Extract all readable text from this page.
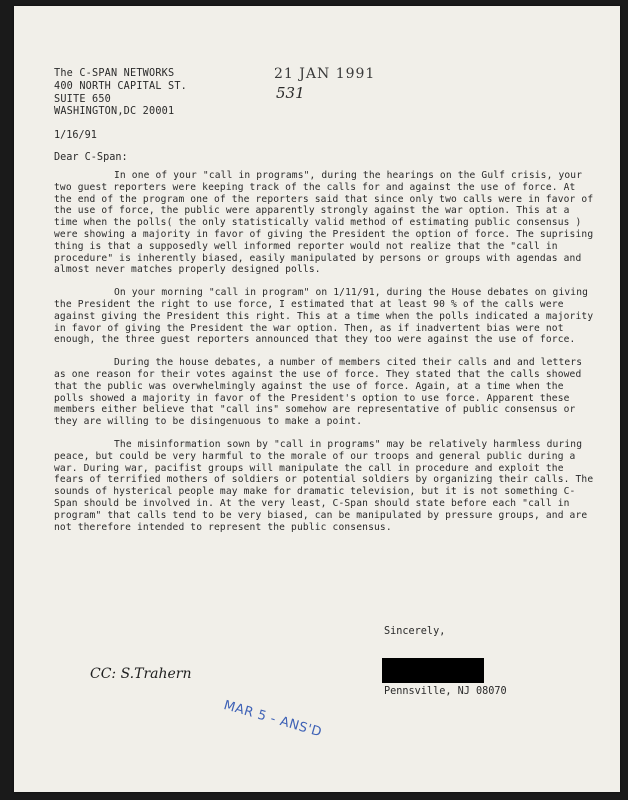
The C-SPAN NETWORKS
400 NORTH CAPITAL ST.
SUITE 650
WASHINGTON,DC 20001
21 JAN 1991
531
1/16/91
Dear C-Span:

In one of your "call in programs", during the hearings on the Gulf crisis, your two guest reporters were keeping track of the calls for and against the use of force. At the end of the program one of the reporters said that since only two calls were in favor of the use of force, the public were apparently strongly against the war option. This at a time when the polls( the only statistically valid method of estimating public consensus ) were showing a majority in favor of giving the President the option of force. The suprising thing is that a supposedly well informed reporter would not realize that the "call in procedure" is inherently biased, easily manipulated by persons or groups with agendas and almost never matches properly designed polls.

On your morning "call in program" on 1/11/91, during the House debates on giving the President the right to use force, I estimated that at least 90 % of the calls were against giving the President this right. This at a time when the polls indicated a majority in favor of giving the President the war option. Then, as if inadvertent bias were not enough, the three guest reporters announced that they too were against the use of force.

During the house debates, a number of members cited their calls and and letters as one reason for their votes against the use of force. They stated that the calls showed that the public was overwhelmingly against the use of force. Again, at a time when the polls showed a majority in favor of the President's option to use force. Apparent these members either believe that "call ins" somehow are representative of public consensus or they are willing to be disingenuous to make a point.

The misinformation sown by "call in programs" may be relatively harmless during peace, but could be very harmful to the morale of our troops and general public during a war. During war, pacifist groups will manipulate the call in procedure and exploit the fears of terrified mothers of soldiers or potential soldiers by organizing their calls. The sounds of hysterical people may make for dramatic television, but it is not something C-Span should be involved in. At the very least, C-Span should state before each "call in program" that calls tend to be very biased, can be manipulated by pressure groups, and are not therefore intended to represent the public consensus.

Sincerely,
Pennsville, NJ 08070
CC: S.Trahern
MAR 5 - ANS'D
